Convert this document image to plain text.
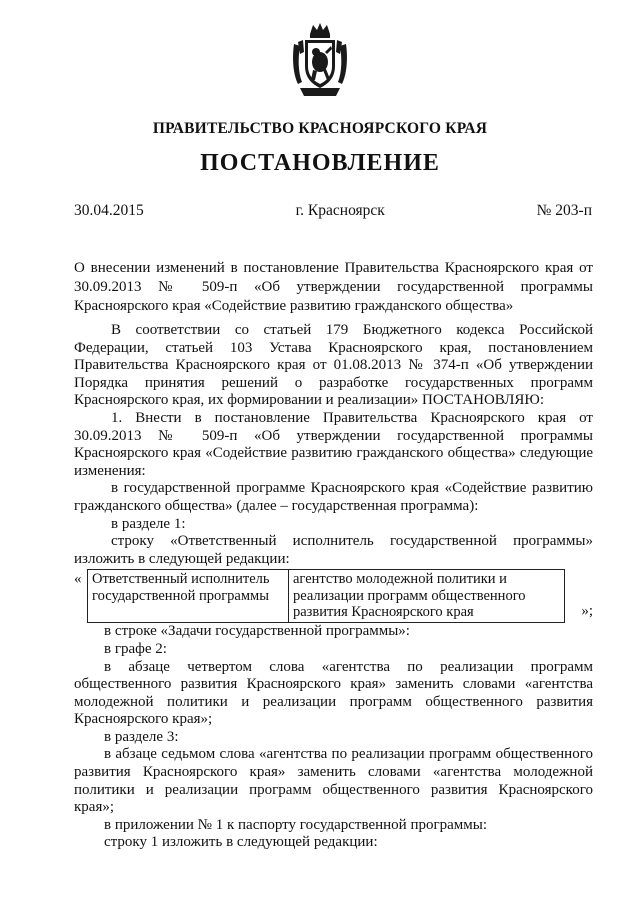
ПРАВИТЕЛЬСТВО КРАСНОЯРСКОГО КРАЯ
ПОСТАНОВЛЕНИЕ
30.04.2015	г. Красноярск	№ 203-п

О внесении изменений в постановление Правительства Красноярского края от 30.09.2013 № 509-п «Об утверждении государственной программы Красноярского края «Содействие развитию гражданского общества»

В соответствии со статьей 179 Бюджетного кодекса Российской Федерации, статьей 103 Устава Красноярского края, постановлением Правительства Красноярского края от 01.08.2013 № 374-п «Об утверждении Порядка принятия решений о разработке государственных программ Красноярского края, их формировании и реализации» ПОСТАНОВЛЯЮ:

1. Внести в постановление Правительства Красноярского края от 30.09.2013 № 509-п «Об утверждении государственной программы Красноярского края «Содействие развитию гражданского общества» следующие изменения:

в государственной программе Красноярского края «Содействие развитию гражданского общества» (далее – государственная программа):

в разделе 1:

строку «Ответственный исполнитель государственной программы» изложить в следующей редакции:

« Ответственный исполнитель государственной программы	агентство молодежной политики и реализации программ общественного развития Красноярского края	»;

в строке «Задачи государственной программы»:

в графе 2:

в абзаце четвертом слова «агентства по реализации программ общественного развития Красноярского края» заменить словами «агентства молодежной политики и реализации программ общественного развития Красноярского края»;

в разделе 3:

в абзаце седьмом слова «агентства по реализации программ общественного развития Красноярского края» заменить словами «агентства молодежной политики и реализации программ общественного развития Красноярского края»;

в приложении № 1 к паспорту государственной программы:

строку 1 изложить в следующей редакции:
